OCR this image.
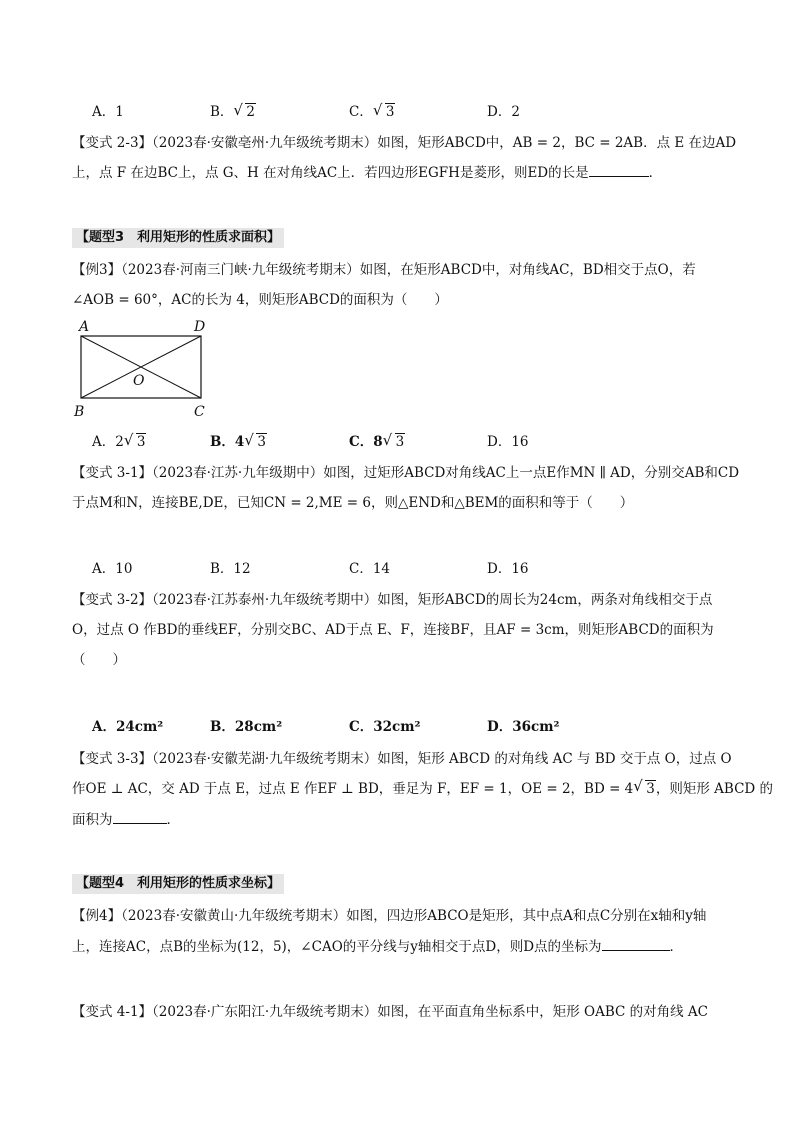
A．1	B． √ 2	C． √ 3	D．2
【变式 2-3】（2023春·安徽亳州·九年级统考期末）如图，矩形ABCD中，AB = 2，BC = 2AB．点 E 在边AD
上，点 F 在边BC上，点 G、H 在对角线AC上．若四边形EGFH是菱形，则ED的长是	．
【题型3　利用矩形的性质求面积】
【例3】（2023春·河南三门峡·九年级统考期末）如图，在矩形ABCD中，对角线AC，BD相交于点O，若
∠AOB = 60°，AC的长为 4，则矩形ABCD的面积为（　　）
A	D
O
B	C
A．2 √ 3	B．4 √ 3	C．8 √ 3	D．16
【变式 3-1】（2023春·江苏·九年级期中）如图，过矩形ABCD对角线AC上一点E作MN ∥ AD，分别交AB和CD
于点M和N，连接BE,DE，已知CN = 2,ME = 6，则△END和△BEM的面积和等于（　　）
A．10	B．12	C．14	D．16
【变式 3-2】（2023春·江苏泰州·九年级统考期中）如图，矩形ABCD的周长为24cm，两条对角线相交于点
O，过点 O 作BD的垂线EF，分别交BC、AD于点 E、F，连接BF，且AF = 3cm，则矩形ABCD的面积为
（　　）
A．24cm²	B．28cm²	C．32cm²	D．36cm²
【变式 3-3】（2023春·安徽芜湖·九年级统考期末）如图，矩形 ABCD 的对角线 AC 与 BD 交于点 O，过点 O
作OE ⊥ AC，交 AD 于点 E，过点 E 作EF ⊥ BD，垂足为 F，EF = 1，OE = 2，BD = 4 √ 3，则矩形 ABCD 的
面积为	．
【题型4　利用矩形的性质求坐标】
【例4】（2023春·安徽黄山·九年级统考期末）如图，四边形ABCO是矩形，其中点A和点C分别在x轴和y轴
上，连接AC，点B的坐标为(12，5)，∠CAO的平分线与y轴相交于点D，则D点的坐标为	．
【变式 4-1】（2023春·广东阳江·九年级统考期末）如图，在平面直角坐标系中，矩形 OABC 的对角线 AC
